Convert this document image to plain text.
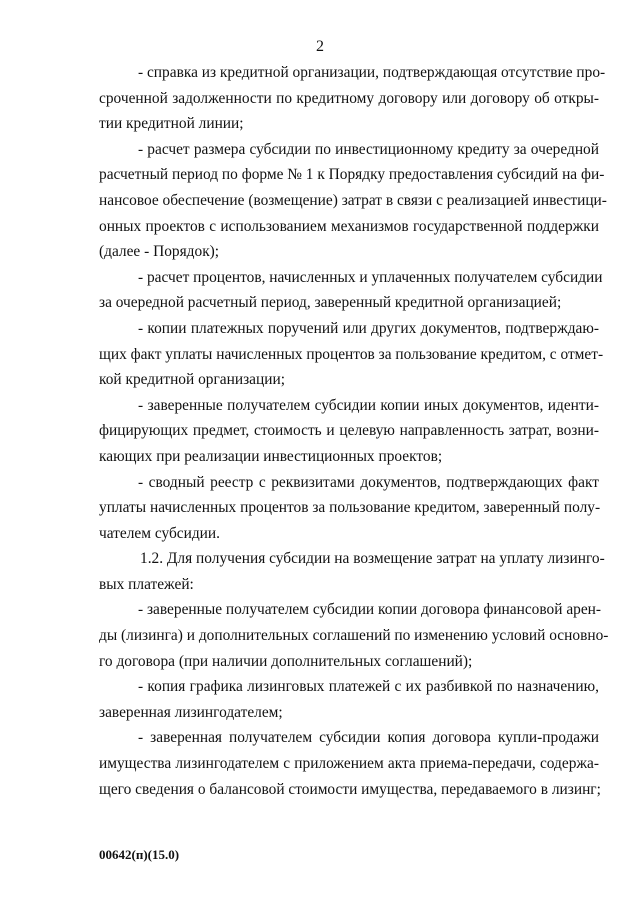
2
- справка из кредитной организации, подтверждающая отсутствие про-
сроченной задолженности по кредитному договору или договору об откры-
тии кредитной линии;
- расчет размера субсидии по инвестиционному кредиту за очередной
расчетный период по форме № 1 к Порядку предоставления субсидий на фи-
нансовое обеспечение (возмещение) затрат в связи с реализацией инвестици-
онных проектов с использованием механизмов государственной поддержки
(далее - Порядок);
- расчет процентов, начисленных и уплаченных получателем субсидии
за очередной расчетный период, заверенный кредитной организацией;
- копии платежных поручений или других документов, подтверждаю-
щих факт уплаты начисленных процентов за пользование кредитом, с отмет-
кой кредитной организации;
- заверенные получателем субсидии копии иных документов, иденти-
фицирующих предмет, стоимость и целевую направленность затрат, возни-
кающих при реализации инвестиционных проектов;
- сводный реестр с реквизитами документов, подтверждающих факт
уплаты начисленных процентов за пользование кредитом, заверенный полу-
чателем субсидии.
1.2. Для получения субсидии на возмещение затрат на уплату лизинго-
вых платежей:
- заверенные получателем субсидии копии договора финансовой арен-
ды (лизинга) и дополнительных соглашений по изменению условий основно-
го договора (при наличии дополнительных соглашений);
- копия графика лизинговых платежей с их разбивкой по назначению,
заверенная лизингодателем;
- заверенная получателем субсидии копия договора купли-продажи
имущества лизингодателем с приложением акта приема-передачи, содержа-
щего сведения о балансовой стоимости имущества, передаваемого в лизинг;
00642(п)(15.0)
